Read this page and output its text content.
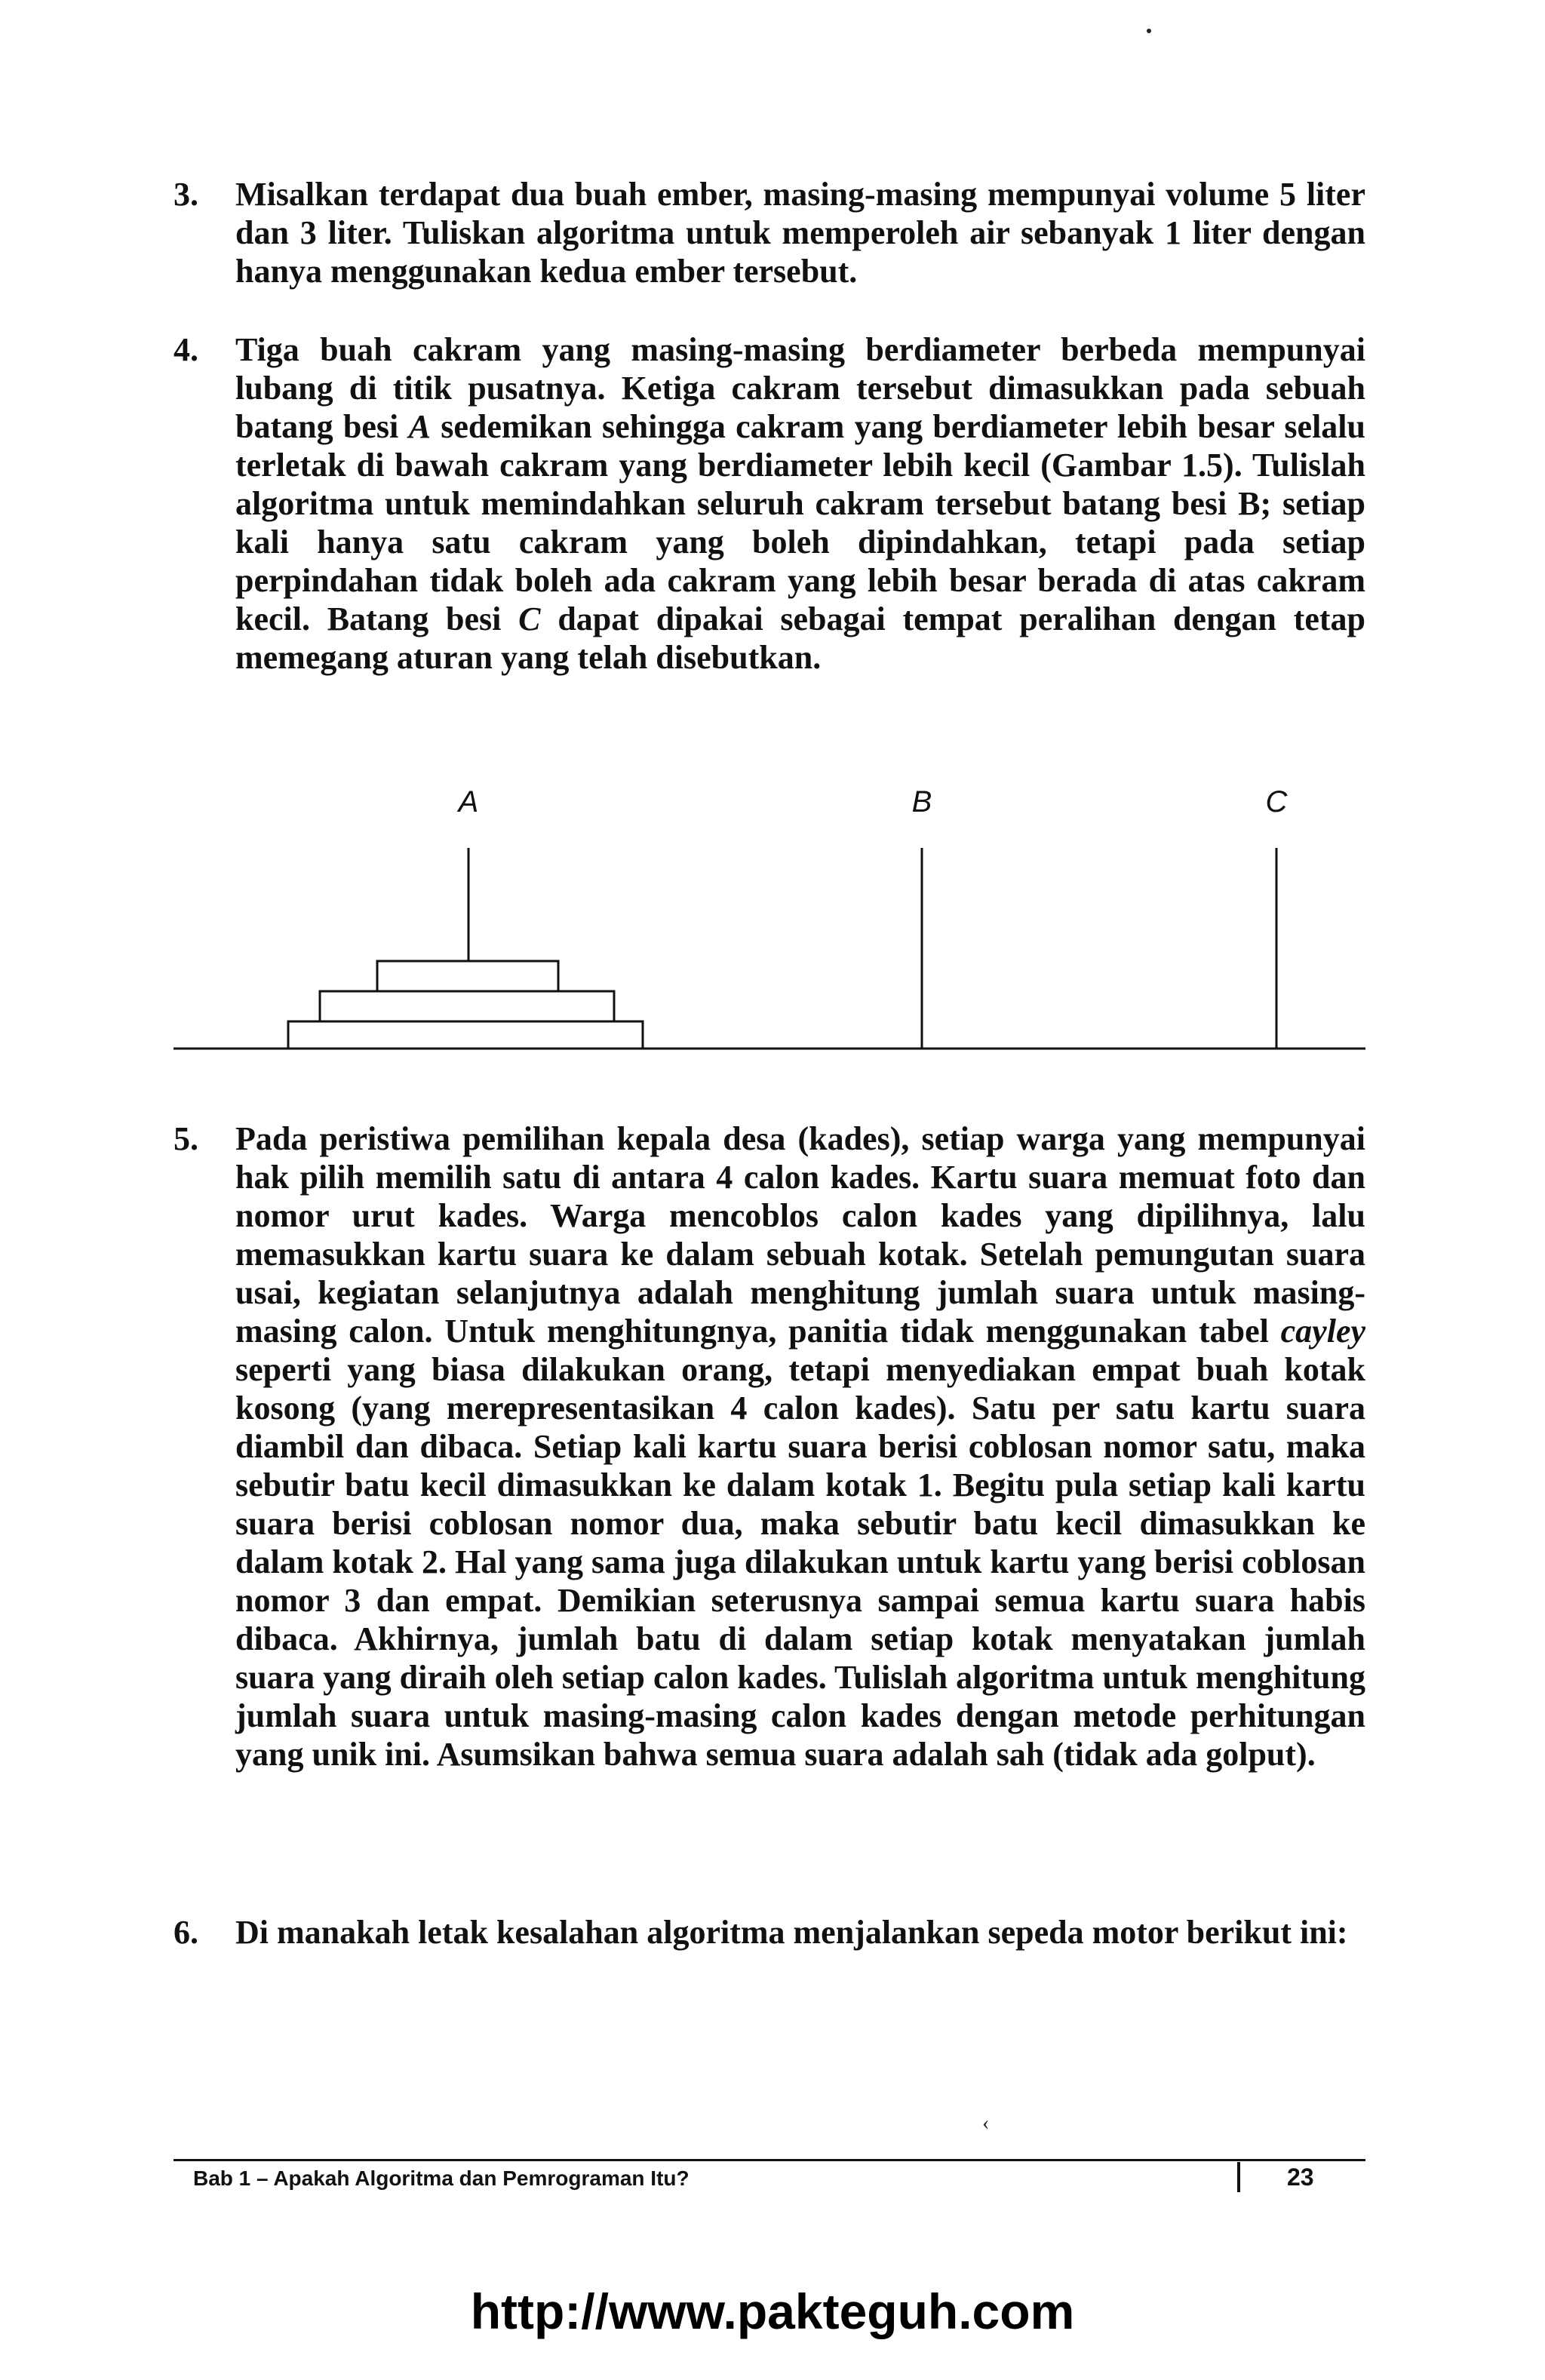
3. Misalkan terdapat dua buah ember, masing-masing mempunyai volume 5 liter dan 3 liter. Tuliskan algoritma untuk memperoleh air sebanyak 1 liter dengan hanya menggunakan kedua ember tersebut.

4. Tiga buah cakram yang masing-masing berdiameter berbeda mempunyai lubang di titik pusatnya. Ketiga cakram tersebut dimasukkan pada sebuah batang besi A sedemikan sehingga cakram yang berdiameter lebih besar selalu terletak di bawah cakram yang berdiameter lebih kecil (Gambar 1.5). Tulislah algoritma untuk memindahkan seluruh cakram tersebut batang besi B; setiap kali hanya satu cakram yang boleh dipindahkan, tetapi pada setiap perpindahan tidak boleh ada cakram yang lebih besar berada di atas cakram kecil. Batang besi C dapat dipakai sebagai tempat peralihan dengan tetap memegang aturan yang telah disebutkan.

A	B	C
5. Pada peristiwa pemilihan kepala desa (kades), setiap warga yang mempunyai hak pilih memilih satu di antara 4 calon kades. Kartu suara memuat foto dan nomor urut kades. Warga mencoblos calon kades yang dipilihnya, lalu memasukkan kartu suara ke dalam sebuah kotak. Setelah pemungutan suara usai, kegiatan selanjutnya adalah menghitung jumlah suara untuk masing-masing calon. Untuk menghitungnya, panitia tidak menggunakan tabel cayley seperti yang biasa dilakukan orang, tetapi menyediakan empat buah kotak kosong (yang merepresentasikan 4 calon kades). Satu per satu kartu suara diambil dan dibaca. Setiap kali kartu suara berisi coblosan nomor satu, maka sebutir batu kecil dimasukkan ke dalam kotak 1. Begitu pula setiap kali kartu suara berisi coblosan nomor dua, maka sebutir batu kecil dimasukkan ke dalam kotak 2. Hal yang sama juga dilakukan untuk kartu yang berisi coblosan nomor 3 dan empat. Demikian seterusnya sampai semua kartu suara habis dibaca. Akhirnya, jumlah batu di dalam setiap kotak menyatakan jumlah suara yang diraih oleh setiap calon kades. Tulislah algoritma untuk menghitung jumlah suara untuk masing-masing calon kades dengan metode perhitungan yang unik ini. Asumsikan bahwa semua suara adalah sah (tidak ada golput).

6. Di manakah letak kesalahan algoritma menjalankan sepeda motor berikut ini:

‹
Bab 1 – Apakah Algoritma dan Pemrograman Itu?	23
http://www.pakteguh.com
